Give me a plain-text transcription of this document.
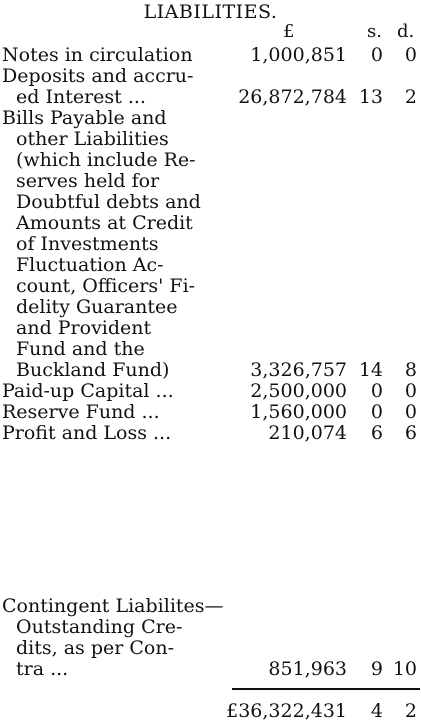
LIABILITIES.
£	s. d.
Notes in circulation	1,000,851 0 0
Deposits and accru-
ed Interest ...	26,872,784 13 2
Bills Payable and
other Liabilities
(which include Re-
serves held for
Doubtful debts and
Amounts at Credit
of Investments
Fluctuation Ac-
count, Officers' Fi-
delity Guarantee
and Provident
Fund and the
Buckland Fund)	3,326,757 14 8
Paid-up Capital ...	2,500,000 0 0
Reserve Fund ...	1,560,000 0 0
Profit and Loss ...	210,074 6 6
Contingent Liabilites—
Outstanding Cre-
dits, as per Con-
tra ...	851,963 9 10
£36,322,431 4 2
